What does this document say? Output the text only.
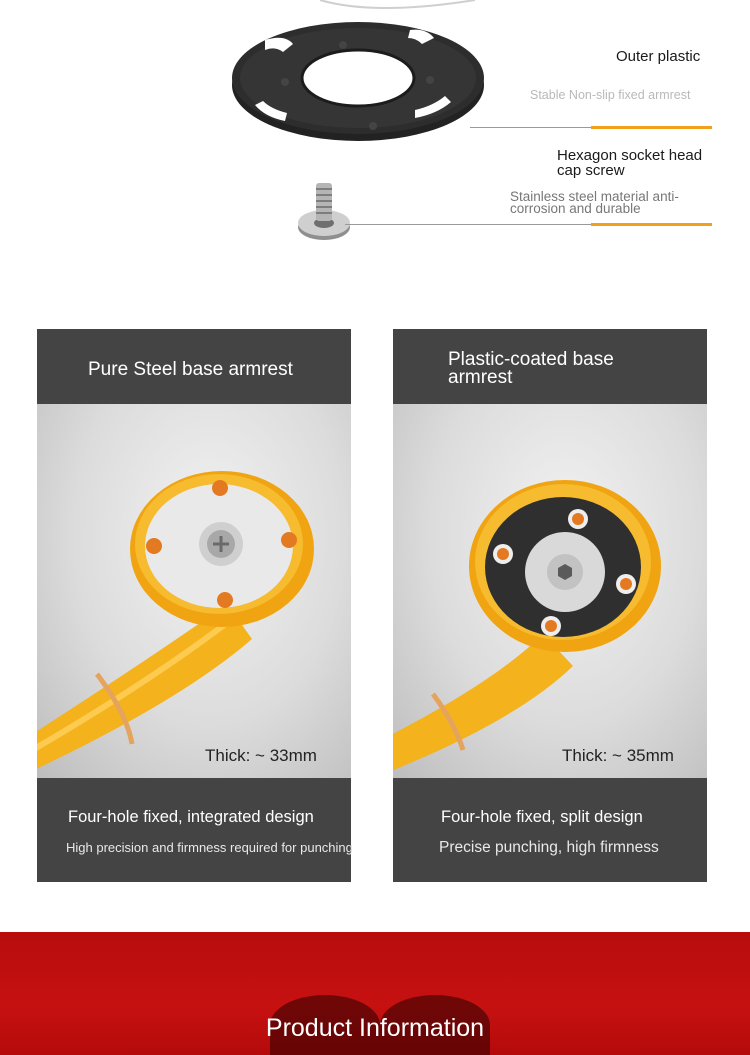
Outer plastic
Stable Non-slip fixed armrest
Hexagon socket head
cap screw
Stainless steel material anti-
corrosion and durable
Pure Steel base armrest
Thick: ~ 33mm
Four-hole fixed, integrated design
High precision and firmness required for punching
Plastic-coated base
armrest
Thick: ~ 35mm
Four-hole fixed, split design
Precise punching, high firmness
Product Information
